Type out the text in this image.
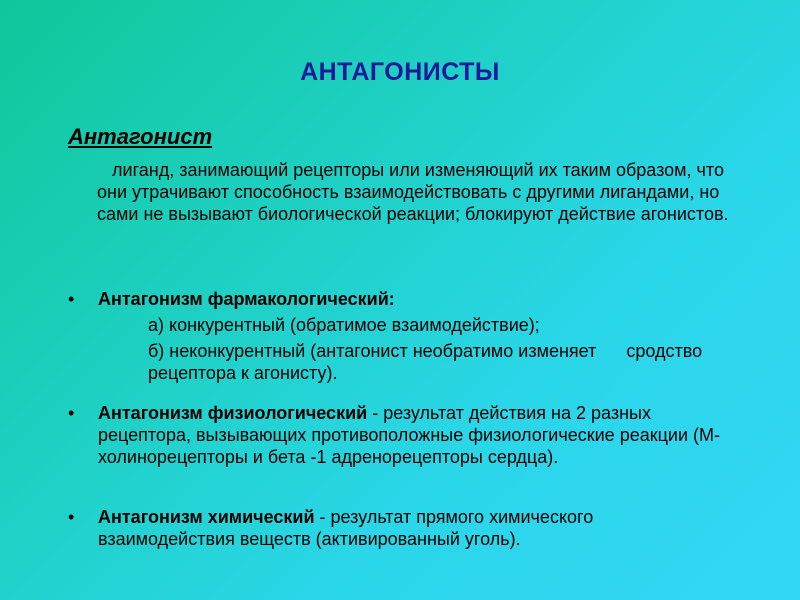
АНТАГОНИСТЫ
Антагонист
лиганд, занимающий рецепторы или изменяющий их таким образом, что они утрачивают способность взаимодействовать с другими лигандами, но сами не вызывают биологической реакции; блокируют действие агонистов.
• Антагонизм фармакологический:
а) конкурентный (обратимое взаимодействие);
б) неконкурентный (антагонист необратимо изменяет      сродство рецептора к агонисту).
• Антагонизм физиологический - результат действия на 2 разных рецептора, вызывающих противоположные физиологические реакции (М-холинорецепторы и бета -1 адренорецепторы сердца).
• Антагонизм химический - результат прямого химического взаимодействия веществ (активированный уголь).
